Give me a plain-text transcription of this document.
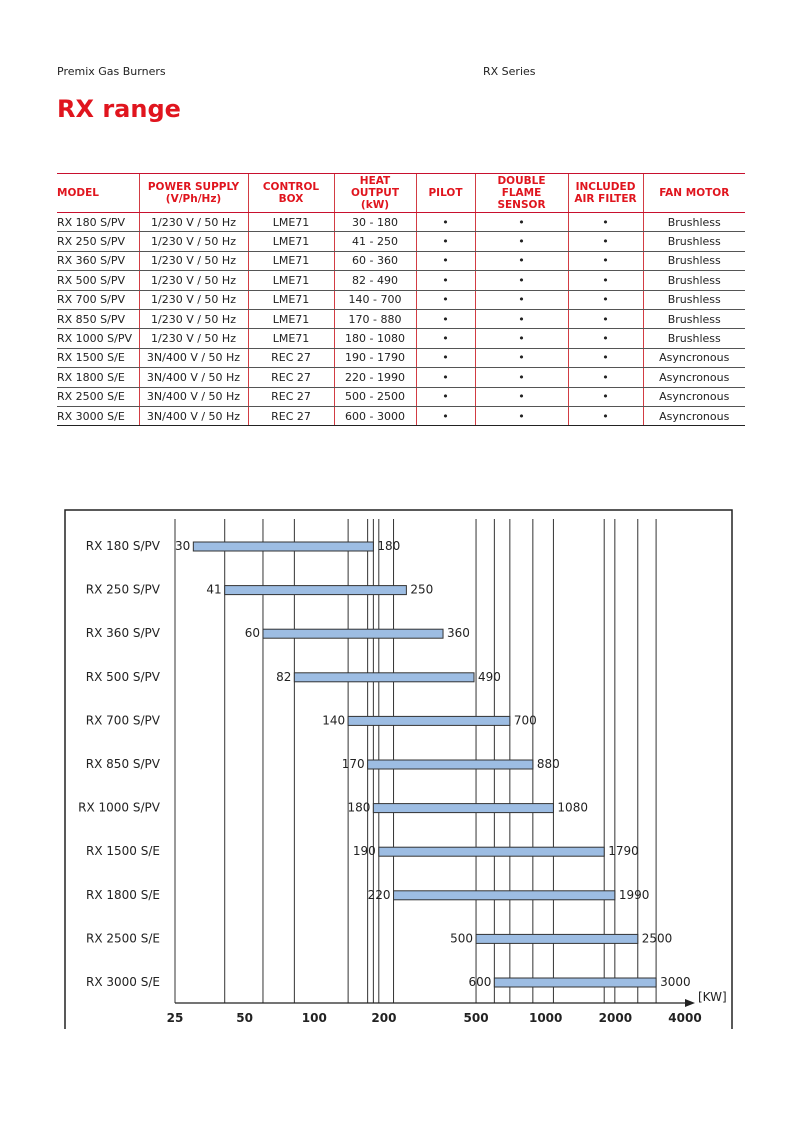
Premix Gas Burners	RX Series
RX range
MODEL	POWER SUPPLY (V/Ph/Hz)	CONTROL BOX	HEAT OUTPUT (kW)	PILOT	DOUBLE FLAME SENSOR	INCLUDED AIR FILTER	FAN MOTOR
RX 180 S/PV	1/230 V / 50 Hz	LME71	30 - 180	•	•	•	Brushless
RX 250 S/PV	1/230 V / 50 Hz	LME71	41 - 250	•	•	•	Brushless
RX 360 S/PV	1/230 V / 50 Hz	LME71	60 - 360	•	•	•	Brushless
RX 500 S/PV	1/230 V / 50 Hz	LME71	82 - 490	•	•	•	Brushless
RX 700 S/PV	1/230 V / 50 Hz	LME71	140 - 700	•	•	•	Brushless
RX 850 S/PV	1/230 V / 50 Hz	LME71	170 - 880	•	•	•	Brushless
RX 1000 S/PV	1/230 V / 50 Hz	LME71	180 - 1080	•	•	•	Brushless
RX 1500 S/E	3N/400 V / 50 Hz	REC 27	190 - 1790	•	•	•	Asyncronous
RX 1800 S/E	3N/400 V / 50 Hz	REC 27	220 - 1990	•	•	•	Asyncronous
RX 2500 S/E	3N/400 V / 50 Hz	REC 27	500 - 2500	•	•	•	Asyncronous
RX 3000 S/E	3N/400 V / 50 Hz	REC 27	600 - 3000	•	•	•	Asyncronous
[KW]
25	50	100	200	500	1000	2000	4000
RX 180 S/PV 30	180
RX 250 S/PV	41	250
RX 360 S/PV	60	360
RX 500 S/PV	82	490
RX 700 S/PV	140	700
RX 850 S/PV	170	880
RX 1000 S/PV	180	1080
RX 1500 S/E	190	1790
RX 1800 S/E	220	1990
RX 2500 S/E	500	2500
RX 3000 S/E	600	3000
